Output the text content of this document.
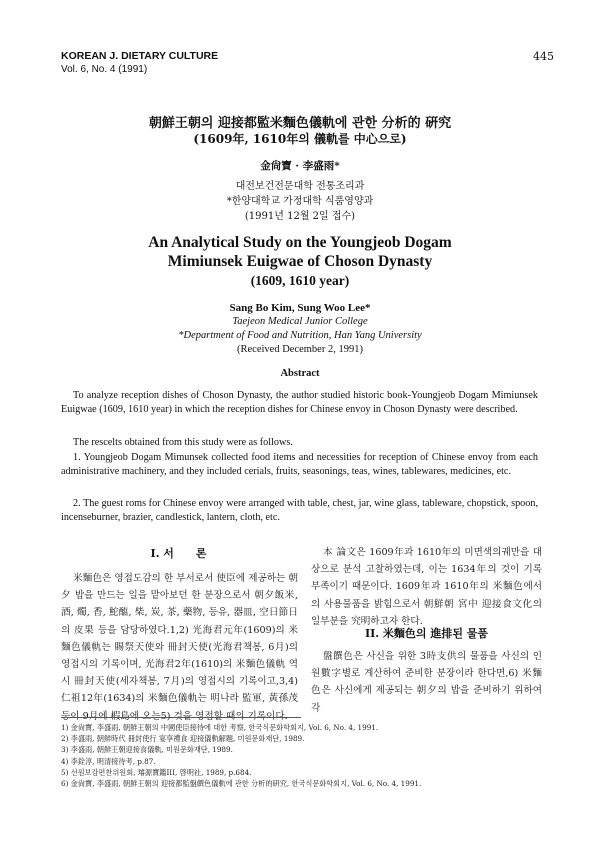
KOREAN J. DIETARY CULTURE
Vol. 6, No. 4 (1991)
445
朝鮮王朝의 迎接都監米麵色儀軌에 관한 分析的 硏究
(1609年, 1610年의 儀軌를 中心으로)
金尙寶 · 李盛雨*
대전보건전문대학 전통조리과
*한양대학교 가정대학 식품영양과
(1991년 12월 2일 접수)
An Analytical Study on the Youngjeob Dogam
Mimiunsek Euigwae of Choson Dynasty
(1609, 1610 year)
Sang Bo Kim, Sung Woo Lee*
Taejeon Medical Junior College
*Department of Food and Nutrition, Han Yang University
(Received December 2, 1991)
Abstract

To analyze reception dishes of Choson Dynasty, the author studied historic book-Youngjeob Dogam Mimiunsek Euigwae (1609, 1610 year) in which the reception dishes for Chinese envoy in Choson Dynasty were described.

The rescelts obtained from this study were as follows.

1. Youngjeob Dogam Mimunsek collected food items and necessities for reception of Chinese envoy from each administrative machinery, and they included cerials, fruits, seasonings, teas, wines, tablewares, medicines, etc.

2. The guest roms for Chinese envoy were arranged with table, chest, jar, wine glass, tableware, chopstick, spoon, incenseburner, brazier, candlestick, lantern, cloth, etc.

I. 서　　론
米麵色은 영접도감의 한 부서로서 使臣에 제공하는 朝夕 밥을 만드는 일을 맡아보던 한 분장으로서 朝夕飯米, 酒, 燭, 香, 鮀醢, 柴, 炭, 茶, 藥物, 등유, 器皿, 空日節日의 皮果 등을 담당하였다.1,2) 光海君元年(1609)의 米麵色儀軌는 賜祭天使와 冊封天使(光海君책봉, 6月)의 영접시의 기록이며, 光海君2年(1610)의 米麵色儀軌 역시 冊封天使(세자책봉, 7月)의 영접시의 기록이고,3,4) 仁祖12年(1634)의 米麵色儀軌는 明나라 監軍, 黃孫茂 등이 9月에 椵島에 오는5) 것을 영접할 때의 기록이다.
本 論文은 1609年과 1610年의 미면색의궤만을 대상으로 분석 고찰하였는데, 이는 1634年의 것이 기록부족이기 때문이다. 1609年과 1610年의 米麵色에서의 사용물품을 밝힘으로서 朝鮮朝 宮中 迎接食文化의 일부분을 究明하고자 한다.
II. 米麵色의 進排된 물품
盤饌色은 사신을 위한 3時支供의 물품을 사신의 인원數字별로 계산하여 준비한 분장이라 한다면,6) 米麵色은 사신에게 제공되는 朝夕의 밥을 준비하기 위하여 각
1) 金尙寶, 李盛雨, 朝鮮王朝의 中國使臣接待에 대한 考察, 한국식문화학회지, Vol. 6, No. 4, 1991.
2) 李盛雨, 朝鮮時代 冊封使行 宴享禮食 迎接儀軌解題, 미원문화재단, 1989.
3) 李盛雨, 朝鮮王朝迎接食儀軌, 미원문화재단, 1989.
4) 李銓淳, 明清接待考, p.87.
5) 선원보감편찬위원회, 璿源寶鑑III, 啓明社, 1989, p.684.
6) 金尙寶, 李盛雨, 朝鮮王朝의 迎接都監盤饌色儀軌에 관한 分析的硏究, 한국식문화학회지, Vol. 6, No. 4, 1991.
